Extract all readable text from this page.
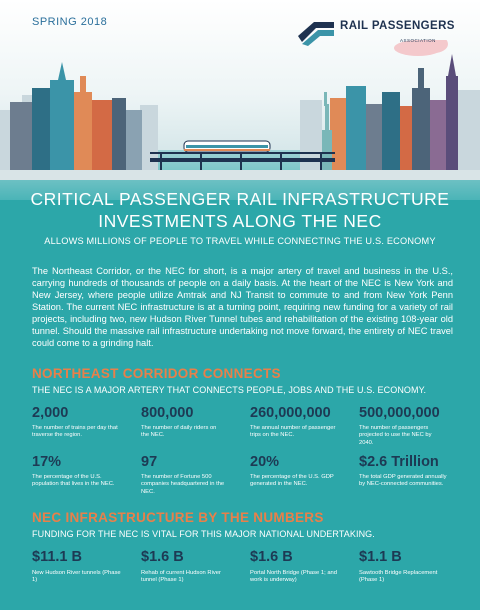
SPRING 2018	RAIL PASSENGERS
ASSOCIATION
CRITICAL PASSENGER RAIL INFRASTRUCTURE
INVESTMENTS ALONG THE NEC
ALLOWS MILLIONS OF PEOPLE TO TRAVEL WHILE CONNECTING THE U.S. ECONOMY

The Northeast Corridor, or the NEC for short, is a major artery of travel and business in the U.S., carrying hundreds of thousands of people on a daily basis. At the heart of the NEC is New York and New Jersey, where people utilize Amtrak and NJ Transit to commute to and from New York Penn Station. The current NEC infrastructure is at a turning point, requiring new funding for a variety of rail projects, including two, new Hudson River Tunnel tubes and rehabilitation of the existing 108-year old tunnel. Should the massive rail infrastructure undertaking not move forward, the entirety of NEC travel could come to a grinding halt.

NORTHEAST CORRIDOR CONNECTS
THE NEC IS A MAJOR ARTERY THAT CONNECTS PEOPLE, JOBS AND THE U.S. ECONOMY.
2,000
The number of trains per day that traverse the region.
800,000
The number of daily riders on the NEC.
260,000,000
The annual number of passenger trips on the NEC.
500,000,000
The number of passengers projected to use the NEC by 2040.
17%
The percentage of the U.S. population that lives in the NEC.
97
The number of Fortune 500 companies headquartered in the NEC.
20%
The percentage of the U.S. GDP generated in the NEC.
$2.6 Trillion
The total GDP generated annually by NEC-connected communities.
NEC INFRASTRUCTURE BY THE NUMBERS
FUNDING FOR THE NEC IS VITAL FOR THIS MAJOR NATIONAL UNDERTAKING.
$11.1 B
New Hudson River tunnels (Phase 1)
$1.6 B
Rehab of current Hudson River tunnel (Phase 1)
$1.6 B
Portal North Bridge (Phase 1; and work is underway)
$1.1 B
Sawtooth Bridge Replacement (Phase 1)
